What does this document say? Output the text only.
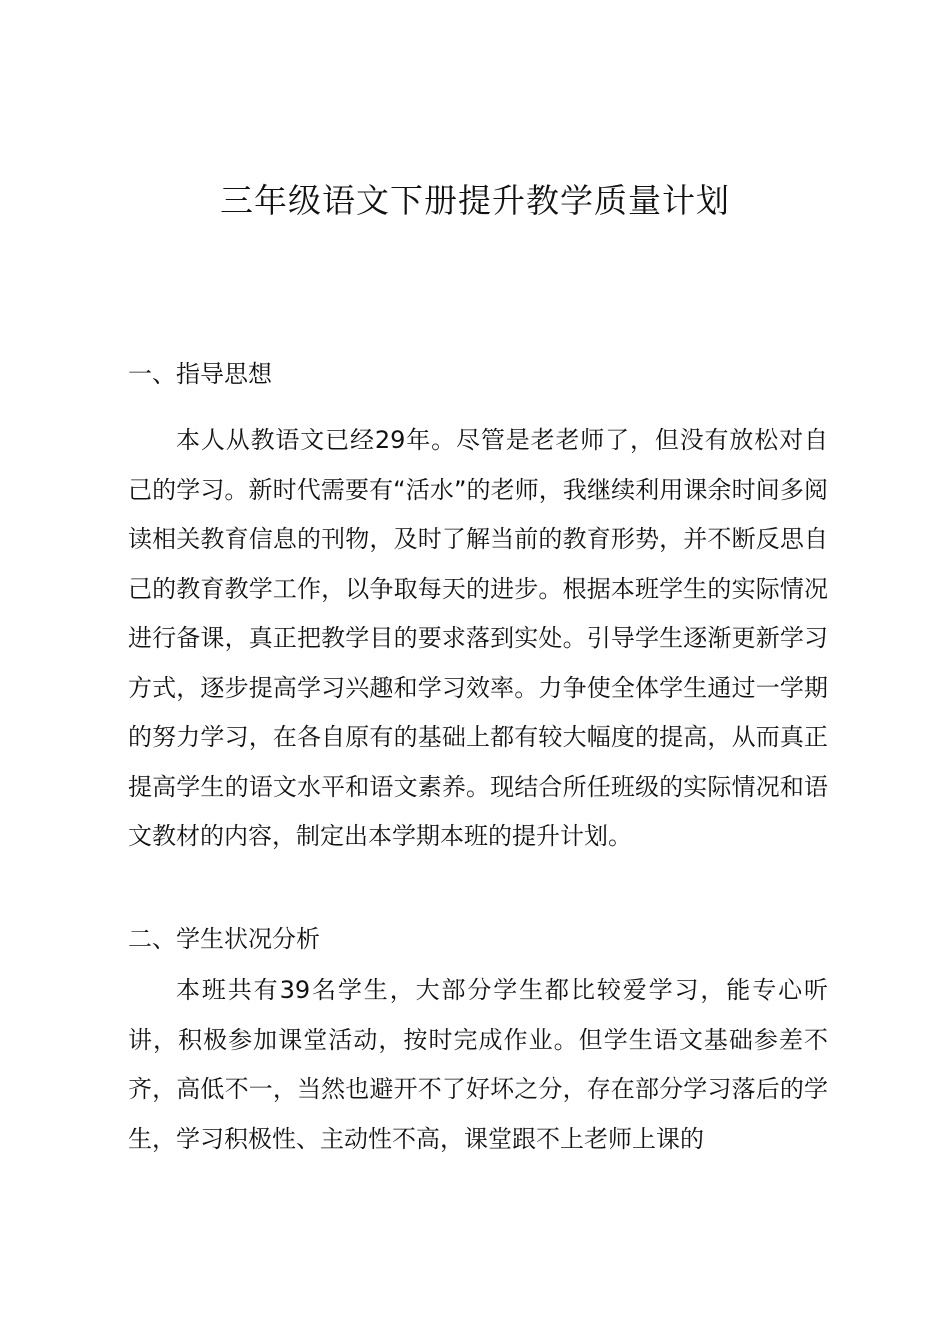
三年级语文下册提升教学质量计划
一、指导思想

本人从教语文已经29年。尽管是老老师了，但没有放松对自己的学习。新时代需要有“活水”的老师，我继续利用课余时间多阅读相关教育信息的刊物，及时了解当前的教育形势，并不断反思自己的教育教学工作，以争取每天的进步。根据本班学生的实际情况进行备课，真正把教学目的要求落到实处。引导学生逐渐更新学习方式，逐步提高学习兴趣和学习效率。力争使全体学生通过一学期的努力学习，在各自原有的基础上都有较大幅度的提高，从而真正提高学生的语文水平和语文素养。现结合所任班级的实际情况和语文教材的内容，制定出本学期本班的提升计划。

二、学生状况分析

本班共有39名学生，大部分学生都比较爱学习，能专心听讲，积极参加课堂活动，按时完成作业。但学生语文基础参差不齐，高低不一，当然也避开不了好坏之分，存在部分学习落后的学生，学习积极性、主动性不高，课堂跟不上老师上课的
